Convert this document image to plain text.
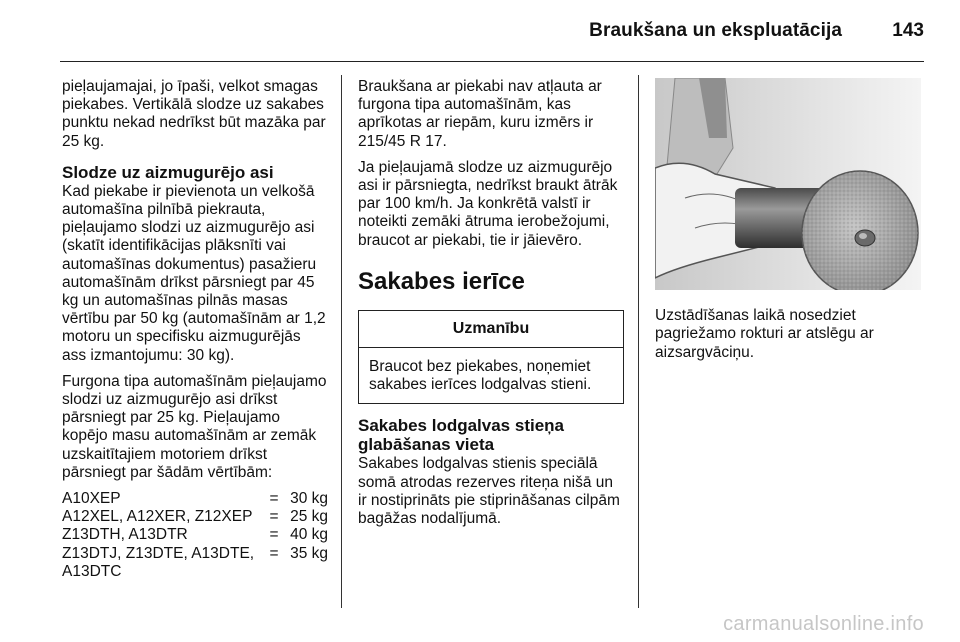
Braukšana un ekspluatācija	143

pieļaujamajai, jo īpaši, velkot smagas piekabes. Vertikālā slodze uz sakabes punktu nekad nedrīkst būt mazāka par 25 kg.

Slodze uz aizmugurējo asi

Kad piekabe ir pievienota un velkošā automašīna pilnībā piekrauta, pieļaujamo slodzi uz aizmugurējo asi (skatīt identifikācijas plāksnīti vai automašīnas dokumentus) pasažieru automašīnām drīkst pārsniegt par 45 kg un automašīnas pilnās masas vērtību par 50 kg (automašīnām ar 1,2 motoru un specifisku aizmugurējās ass izmantojumu: 30 kg).

Furgona tipa automašīnām pieļaujamo slodzi uz aizmugurējo asi drīkst pārsniegt par 25 kg. Pieļaujamo kopējo masu automašīnām ar zemāk uzskaitītajiem motoriem drīkst pārsniegt par šādām vērtībām:

A10XEP	=	30 kg
A12XEL, A12XER, Z12XEP	=	25 kg
Z13DTH, A13DTR	=	40 kg
Z13DTJ, Z13DTE, A13DTE, A13DTC	=	35 kg

Braukšana ar piekabi nav atļauta ar furgona tipa automašīnām, kas aprīkotas ar riepām, kuru izmērs ir 215/45 R 17.

Ja pieļaujamā slodze uz aizmugurējo asi ir pārsniegta, nedrīkst braukt ātrāk par 100 km/h. Ja konkrētā valstī ir noteikti zemāki ātruma ierobežojumi, braucot ar piekabi, tie ir jāievēro.

Sakabes ierīce
Uzmanību
Braucot bez piekabes, noņemiet sakabes ierīces lodgalvas stieni.
Sakabes lodgalvas stieņa glabāšanas vieta

Sakabes lodgalvas stienis speciālā somā atrodas rezerves riteņa nišā un ir nostiprināts pie stiprināšanas cilpām bagāžas nodalījumā.

Uzstādīšanas laikā nosedziet pagriežamo rokturi ar atslēgu ar aizsargvāciņu.

carmanualsonline.info
